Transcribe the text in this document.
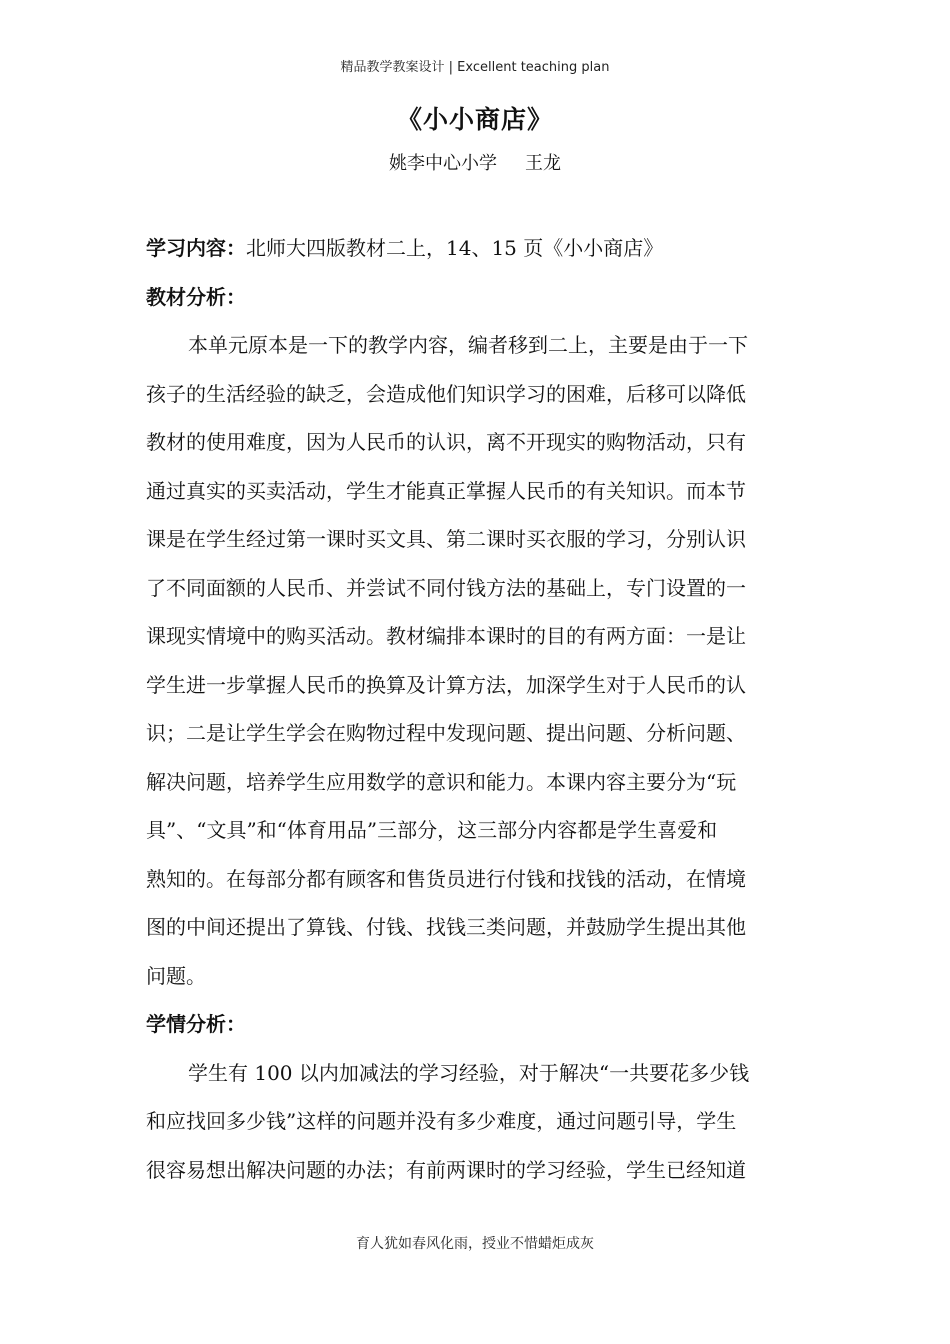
精品教学教案设计 | Excellent teaching plan
《小小商店》
姚李中心小学 王龙
学习内容：北师大四版教材二上，14、15 页《小小商店》
教材分析：
本单元原本是一下的教学内容，编者移到二上，主要是由于一下
孩子的生活经验的缺乏，会造成他们知识学习的困难，后移可以降低
教材的使用难度，因为人民币的认识，离不开现实的购物活动，只有
通过真实的买卖活动，学生才能真正掌握人民币的有关知识。而本节
课是在学生经过第一课时买文具、第二课时买衣服的学习，分别认识
了不同面额的人民币、并尝试不同付钱方法的基础上，专门设置的一
课现实情境中的购买活动。教材编排本课时的目的有两方面：一是让
学生进一步掌握人民币的换算及计算方法，加深学生对于人民币的认
识；二是让学生学会在购物过程中发现问题、提出问题、分析问题、
解决问题，培养学生应用数学的意识和能力。本课内容主要分为“玩
具”、“文具”和“体育用品”三部分，这三部分内容都是学生喜爱和
熟知的。在每部分都有顾客和售货员进行付钱和找钱的活动，在情境
图的中间还提出了算钱、付钱、找钱三类问题，并鼓励学生提出其他
问题。
学情分析：
学生有 100 以内加减法的学习经验，对于解决“一共要花多少钱
和应找回多少钱”这样的问题并没有多少难度，通过问题引导，学生
很容易想出解决问题的办法；有前两课时的学习经验，学生已经知道
育人犹如春风化雨，授业不惜蜡炬成灰
